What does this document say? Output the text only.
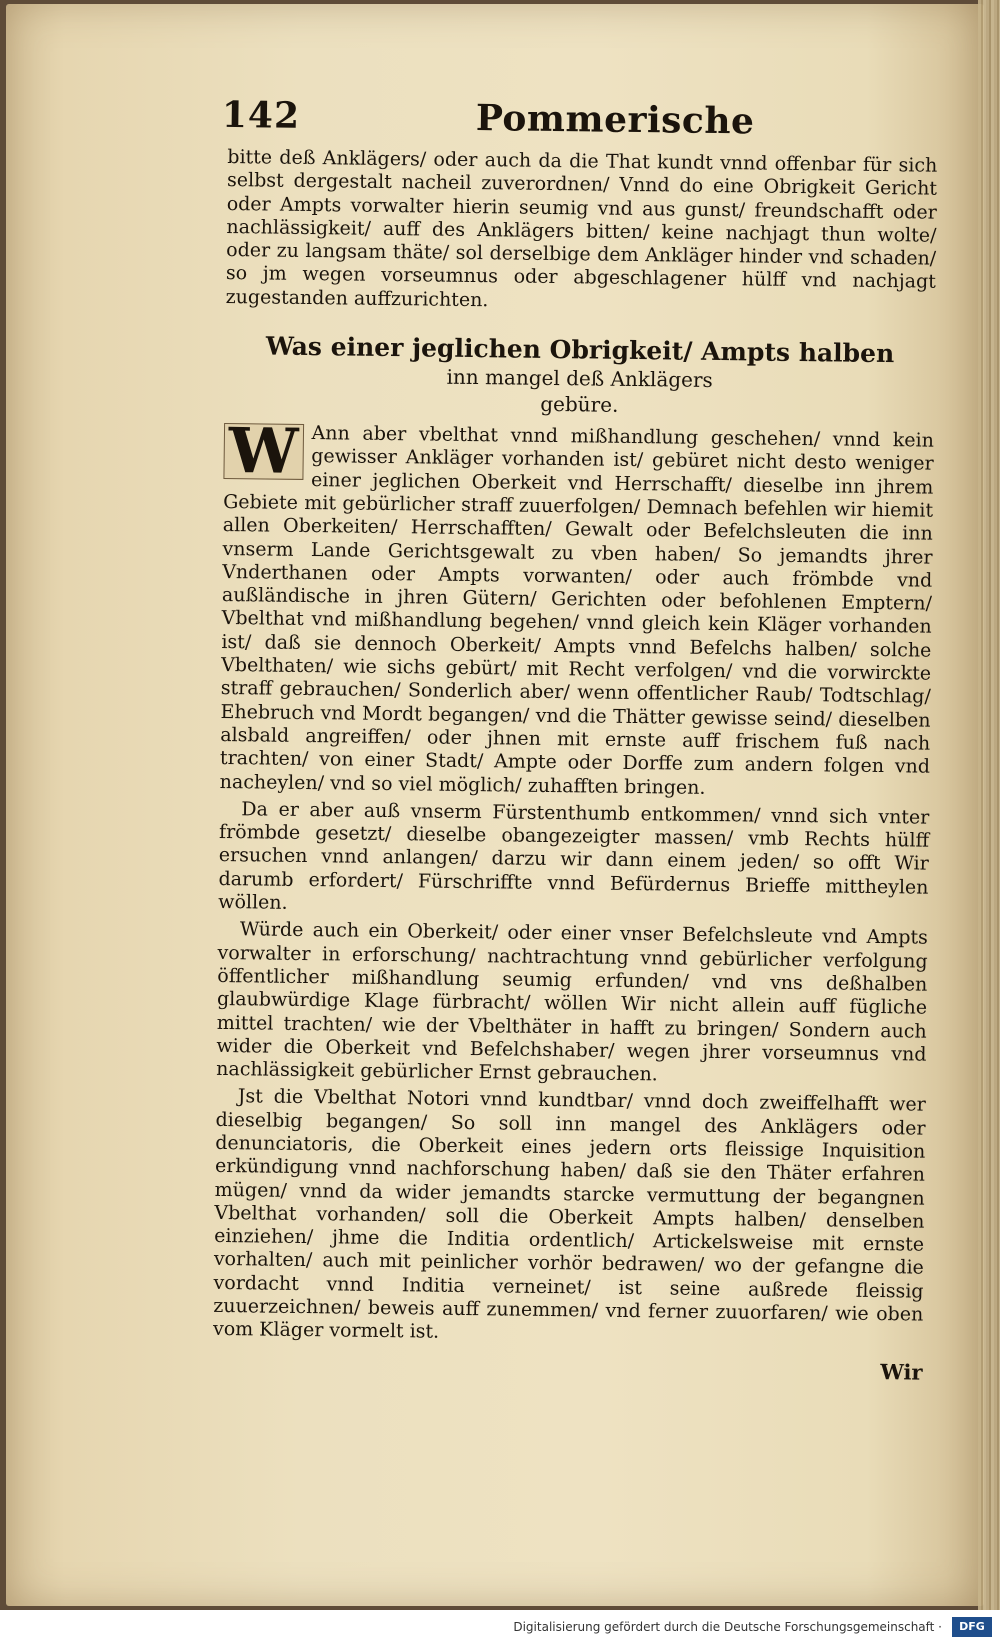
142	Pommerische

bitte deß Anklägers/ oder auch da die That kundt vnnd offenbar für sich selbst dergestalt nacheil zuverordnen/ Vnnd do eine Obrigkeit Gericht oder Ampts vorwalter hierin seumig vnd aus gunst/ freundschafft oder nachlässigkeit/ auff des Anklägers bitten/ keine nachjagt thun wolte/ oder zu langsam thäte/ sol derselbige dem Ankläger hinder vnd schaden/ so jm wegen vorseumnus oder abgeschlagener hülff vnd nachjagt zugestanden auffzurichten.

Was einer jeglichen Obrigkeit/ Ampts halben
inn mangel deß Anklägers
gebüre.
W Ann aber vbelthat vnnd mißhandlung geschehen/ vnnd kein gewisser Ankläger vorhanden ist/ gebüret nicht desto weniger einer jeglichen Oberkeit vnd Herrschafft/ dieselbe inn jhrem Gebiete mit gebürlicher straff zuuerfolgen/ Demnach befehlen wir hiemit allen Oberkeiten/ Herrschafften/ Gewalt oder Befelchsleuten die inn vnserm Lande Gerichtsgewalt zu vben haben/ So jemandts jhrer Vnderthanen oder Ampts vorwanten/ oder auch frömbde vnd außländische in jhren Gütern/ Gerichten oder befohlenen Emptern/ Vbelthat vnd mißhandlung begehen/ vnnd gleich kein Kläger vorhanden ist/ daß sie dennoch Oberkeit/ Ampts vnnd Befelchs halben/ solche Vbelthaten/ wie sichs gebürt/ mit Recht verfolgen/ vnd die vorwirckte straff gebrauchen/ Sonderlich aber/ wenn offentlicher Raub/ Todtschlag/ Ehebruch vnd Mordt begangen/ vnd die Thätter gewisse seind/ dieselben alsbald angreiffen/ oder jhnen mit ernste auff frischem fuß nach trachten/ von einer Stadt/ Ampte oder Dorffe zum andern folgen vnd nacheylen/ vnd so viel möglich/ zuhafften bringen.

Da er aber auß vnserm Fürstenthumb entkommen/ vnnd sich vnter frömbde gesetzt/ dieselbe obangezeigter massen/ vmb Rechts hülff ersuchen vnnd anlangen/ darzu wir dann einem jeden/ so offt Wir darumb erfordert/ Fürschriffte vnnd Befürdernus Brieffe mittheylen wöllen.

Würde auch ein Oberkeit/ oder einer vnser Befelchsleute vnd Ampts vorwalter in erforschung/ nachtrachtung vnnd gebürlicher verfolgung öffentlicher mißhandlung seumig erfunden/ vnd vns deßhalben glaubwürdige Klage fürbracht/ wöllen Wir nicht allein auff fügliche mittel trachten/ wie der Vbelthäter in hafft zu bringen/ Sondern auch wider die Oberkeit vnd Befelchshaber/ wegen jhrer vorseumnus vnd nachlässigkeit gebürlicher Ernst gebrauchen.

Jst die Vbelthat Notori vnnd kundtbar/ vnnd doch zweiffelhafft wer dieselbig begangen/ So soll inn mangel des Anklägers oder denunciatoris, die Oberkeit eines jedern orts fleissige Inquisition erkündigung vnnd nachforschung haben/ daß sie den Thäter erfahren mügen/ vnnd da wider jemandts starcke vermuttung der begangnen Vbelthat vorhanden/ soll die Oberkeit Ampts halben/ denselben einziehen/ jhme die Inditia ordentlich/ Artickelsweise mit ernste vorhalten/ auch mit peinlicher vorhör bedrawen/ wo der gefangne die vordacht vnnd Inditia verneinet/ ist seine außrede fleissig zuuerzeichnen/ beweis auff zunemmen/ vnd ferner zuuorfaren/ wie oben vom Kläger vormelt ist.

Wir
Digitalisierung gefördert durch die Deutsche Forschungsgemeinschaft ·	DFG
